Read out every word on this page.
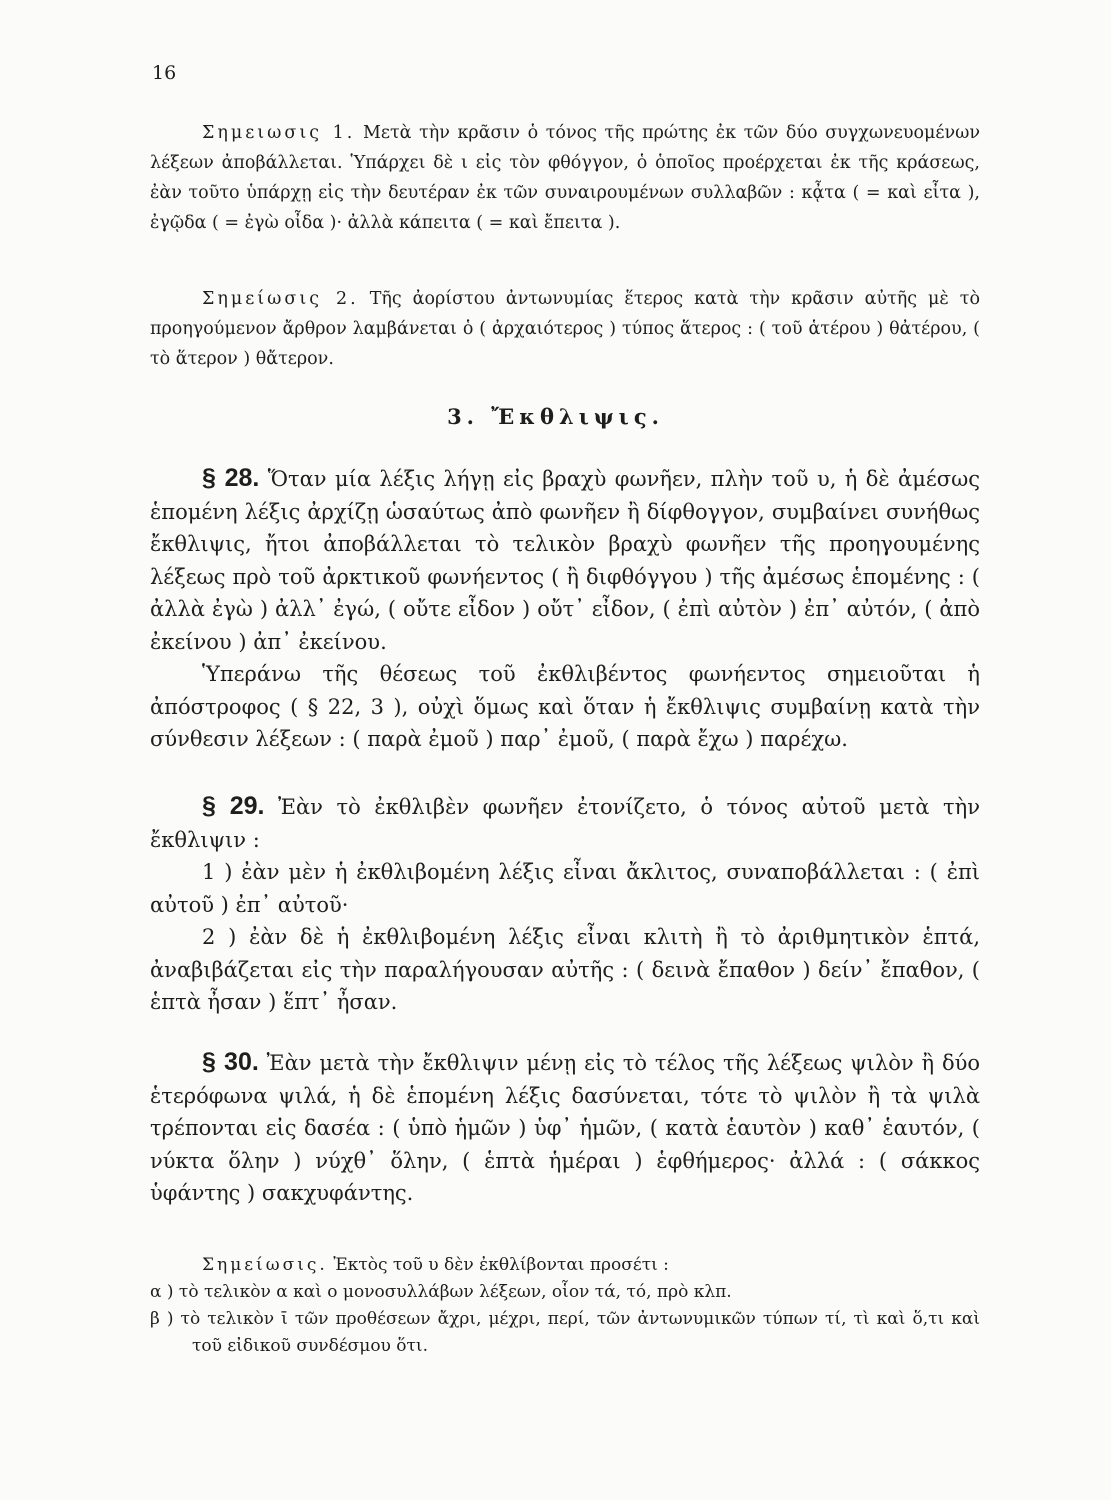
16

Σημειωσις 1. Μετὰ τὴν κρᾶσιν ὁ τόνος τῆς πρώτης ἐκ τῶν δύο συγχωνευομένων λέξεων ἀποβάλλεται. Ὑπάρχει δὲ ι εἰς τὸν φθόγγον, ὁ ὁποῖος προέρχεται ἐκ τῆς κράσεως, ἐὰν τοῦτο ὑπάρχῃ εἰς τὴν δευτέραν ἐκ τῶν συναιρουμένων συλλαβῶν : κᾆτα ( = καὶ εἶτα ), ἐγῷδα ( = ἐγὼ οἶδα )· ἀλλὰ κάπειτα ( = καὶ ἔπειτα ).

Σημείωσις 2. Τῆς ἀορίστου ἀντωνυμίας ἕτερος κατὰ τὴν κρᾶσιν αὐτῆς μὲ τὸ προηγούμενον ἄρθρον λαμβάνεται ὁ ( ἀρχαιότερος ) τύπος ἅτερος : ( τοῦ ἁτέρου ) θἀτέρου, ( τὸ ἅτερον ) θἄτερον.

3. Ἔκθλιψις.

§ 28. Ὅταν μία λέξις λήγῃ εἰς βραχὺ φωνῆεν, πλὴν τοῦ υ, ἡ δὲ ἀμέσως ἑπομένη λέξις ἀρχίζῃ ὡσαύτως ἀπὸ φωνῆεν ἢ δίφθογγον, συμβαίνει συνήθως ἔκθλιψις, ἤτοι ἀποβάλλεται τὸ τελικὸν βραχὺ φωνῆεν τῆς προηγουμένης λέξεως πρὸ τοῦ ἀρκτικοῦ φωνήεντος ( ἢ διφθόγγου ) τῆς ἀμέσως ἑπομένης : ( ἀλλὰ ἐγὼ ) ἀλλ᾽ ἐγώ, ( οὔτε εἶδον ) οὔτ᾽ εἶδον, ( ἐπὶ αὐτὸν ) ἐπ᾽ αὐτόν, ( ἀπὸ ἐκείνου ) ἀπ᾽ ἐκείνου.

Ὑπεράνω τῆς θέσεως τοῦ ἐκθλιβέντος φωνήεντος σημειοῦται ἡ ἀπόστροφος ( § 22, 3 ), οὐχὶ ὅμως καὶ ὅταν ἡ ἔκθλιψις συμβαίνῃ κατὰ τὴν σύνθεσιν λέξεων : ( παρὰ ἐμοῦ ) παρ᾽ ἐμοῦ, ( παρὰ ἔχω ) παρέχω.

§ 29. Ἐὰν τὸ ἐκθλιβὲν φωνῆεν ἐτονίζετο, ὁ τόνος αὐτοῦ μετὰ τὴν ἔκθλιψιν :

1 ) ἐὰν μὲν ἡ ἐκθλιβομένη λέξις εἶναι ἄκλιτος, συναποβάλλεται : ( ἐπὶ αὐτοῦ ) ἐπ᾽ αὐτοῦ·

2 ) ἐὰν δὲ ἡ ἐκθλιβομένη λέξις εἶναι κλιτὴ ἢ τὸ ἀριθμητικὸν ἑπτά, ἀναβιβάζεται εἰς τὴν παραλήγουσαν αὐτῆς : ( δεινὰ ἔπαθον ) δείν᾽ ἔπαθον, ( ἑπτὰ ἦσαν ) ἕπτ᾽ ἦσαν.

§ 30. Ἐὰν μετὰ τὴν ἔκθλιψιν μένῃ εἰς τὸ τέλος τῆς λέξεως ψιλὸν ἢ δύο ἑτερόφωνα ψιλά, ἡ δὲ ἑπομένη λέξις δασύνεται, τότε τὸ ψιλὸν ἢ τὰ ψιλὰ τρέπονται εἰς δασέα : ( ὑπὸ ἡμῶν ) ὑφ᾽ ἡμῶν, ( κατὰ ἑαυτὸν ) καθ᾽ ἑαυτόν, ( νύκτα ὅλην ) νύχθ᾽ ὅλην, ( ἑπτὰ ἡμέραι ) ἑφθήμερος· ἀλλά : ( σάκκος ὑφάντης ) σακχυφάντης.

Σημείωσις. Ἐκτὸς τοῦ υ δὲν ἐκθλίβονται προσέτι :

α ) τὸ τελικὸν α καὶ ο μονοσυλλάβων λέξεων, οἷον τά, τό, πρὸ κλπ.

β ) τὸ τελικὸν ῑ τῶν προθέσεων ἄχρι, μέχρι, περί, τῶν ἀντωνυμικῶν τύπων τί, τὶ καὶ ὅ,τι καὶ τοῦ εἰδικοῦ συνδέσμου ὅτι.
